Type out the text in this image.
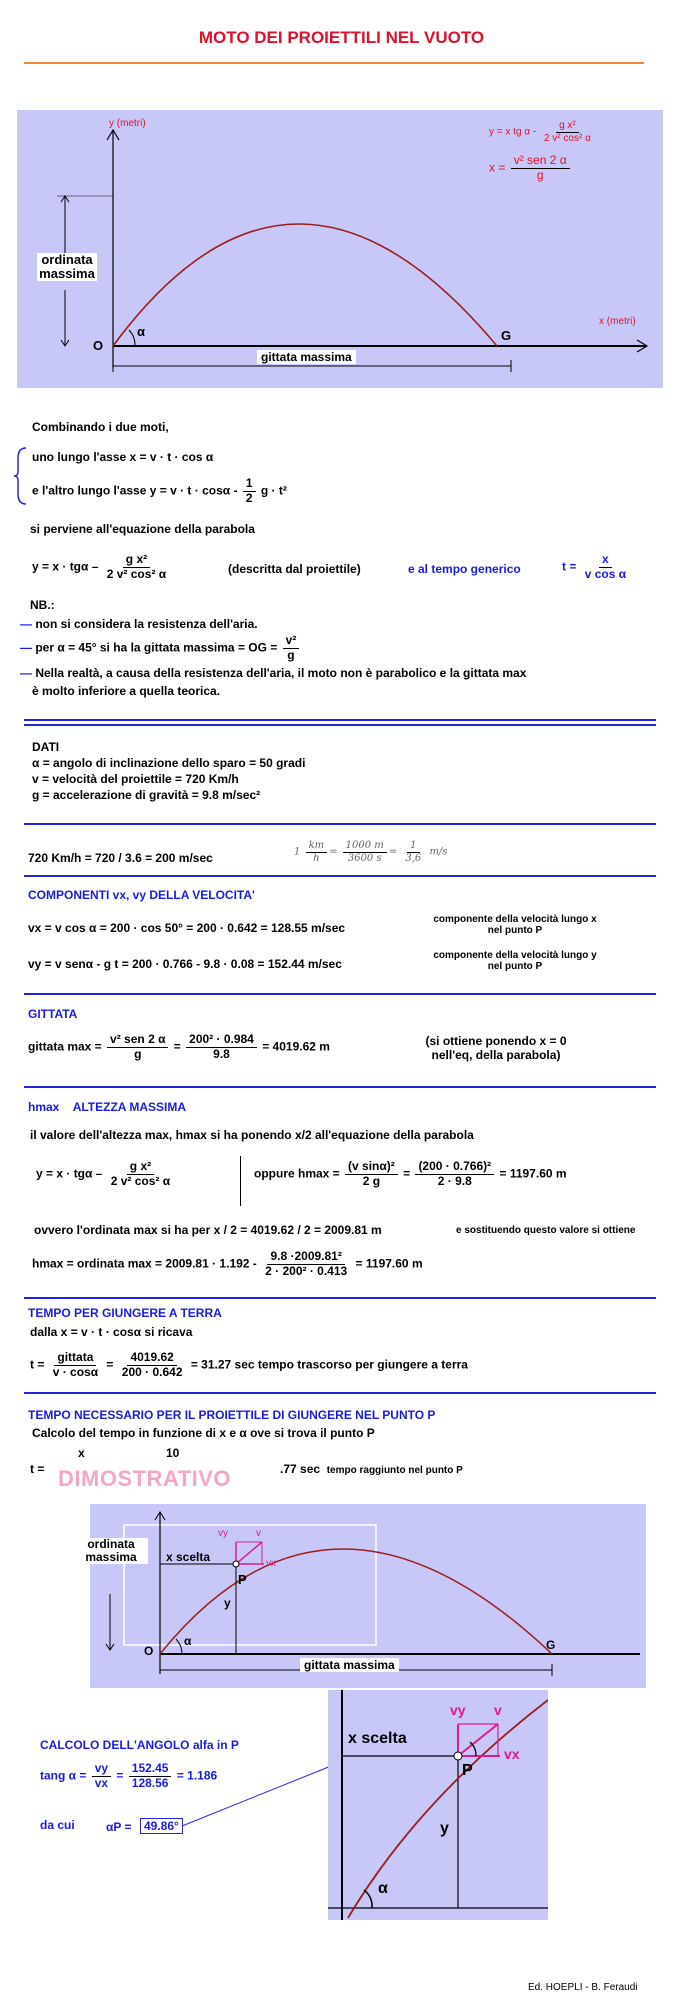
MOTO DEI PROIETTILI NEL VUOTO
y (metri)
x (metri)
ordinata massima
O
α	G
gittata massima
y = x tg α - $\frac{\text{g x²}}{\text{2 v² cos² α}}$
$x = \frac{\text{v² sen 2 α}}{g}$
Combinando i due moti,
uno lungo l'asse x = v · t · cos α
e l'altro lungo l'asse $y = v \cdot t \cdot \cos\alpha - \frac{1}{2}$ g · t²
si perviene all'equazione della parabola
$y = x \cdot tg\alpha - \frac{\text{g x²}}{\text{2 v² cos² α}}$	(descritta dal proiettile)	e al tempo generico	$t = \frac{x}{\text{v cos α}}$
NB.:
— non si considera la resistenza dell'aria.
— per α = 45° si ha la gittata massima = OG = $\frac{\text{v²}}{g}$
— Nella realtà, a causa della resistenza dell'aria, il moto non è parabolico e la gittata max
è molto inferiore a quella teorica.
DATI
α = angolo di inclinazione dello sparo = 50 gradi
v = velocità del proiettile = 720 Km/h
g = accelerazione di gravità = 9.8 m/sec²
720 Km/h = 720 / 3.6 = 200 m/sec	$1 \frac{km}{h} = \frac{1000 m}{3600 s} = \frac{1}{3,6} m/s$
COMPONENTI vx, vy DELLA VELOCITA'
vx = v cos α = 200 · cos 50° = 200 · 0.642 = 128.55 m/sec
componente della velocità lungo x
nel punto P
vy = v senα - g t = 200 · 0.766 - 9.8 · 0.08 = 152.44 m/sec
componente della velocità lungo y
nel punto P
GITTATA
gittata $\max = \frac{\text{v² sen 2 α}}{g} = \frac{\text{200² · 0.984}}{9.8} = 4019.62$ m	(si ottiene ponendo x = 0
nell'eq, della parabola)
hmax ALTEZZA MASSIMA
il valore dell'altezza max, hmax si ha ponendo x/2 all'equazione della parabola
$y = x \cdot tg\alpha - \frac{\text{g x²}}{\text{2 v² cos² α}}$	oppure $hmax = \frac{\text{(v sinα)²}}{2 g} = \frac{\text{(200 · 0.766)²}}{2 \cdot 9.8} = 1197.60$ m
ovvero l'ordinata max si ha per x / 2 = 4019.62 / 2 = 2009.81 m	e sostituendo questo valore si ottiene
hmax = ordinata $\max = 2009.81 \cdot 1.192 - \frac{\text{9.8 ·2009.81²}}{\text{2 · 200² · 0.413}} = 1197.60$ m
TEMPO PER GIUNGERE A TERRA
dalla x = v · t · cosα si ricava
$t = \frac{\text{gittata}}{v \cdot \cos\alpha} = \frac{4019.62}{200 \cdot 0.642} = 31.27$ sec tempo trascorso per giungere a terra
TEMPO NECESSARIO PER IL PROIETTILE DI GIUNGERE NEL PUNTO P
Calcolo del tempo in funzione di x e α ove si trova il punto P
t =
x	10
DIMOSTRATIVO	.77 sec tempo raggiunto nel punto P
ordinata massima	x scelta
vy	v
vx
P
y
O
α	G
gittata massima
CALCOLO DELL'ANGOLO alfa in P
tang $\alpha = \frac{vy}{vx} = \frac{152.45}{128.56} = 1.186$
da cui	αP =	49.86°
vy v
vx
x scelta
P
y
α
Ed. HOEPLI - B. Feraudi
